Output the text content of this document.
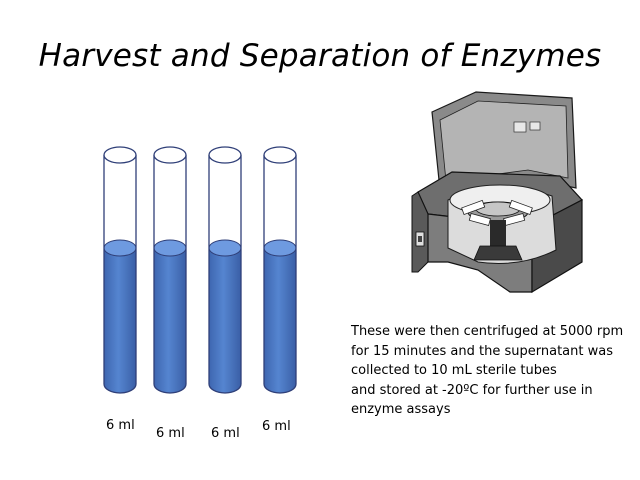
Harvest and Separation of Enzymes
6 ml
6 ml 6 ml 6 ml
These were then centrifuged at 5000 rpm
for 15 minutes and the supernatant was
collected to 10 mL sterile tubes
and stored at -20ºC for further use in
enzyme assays
